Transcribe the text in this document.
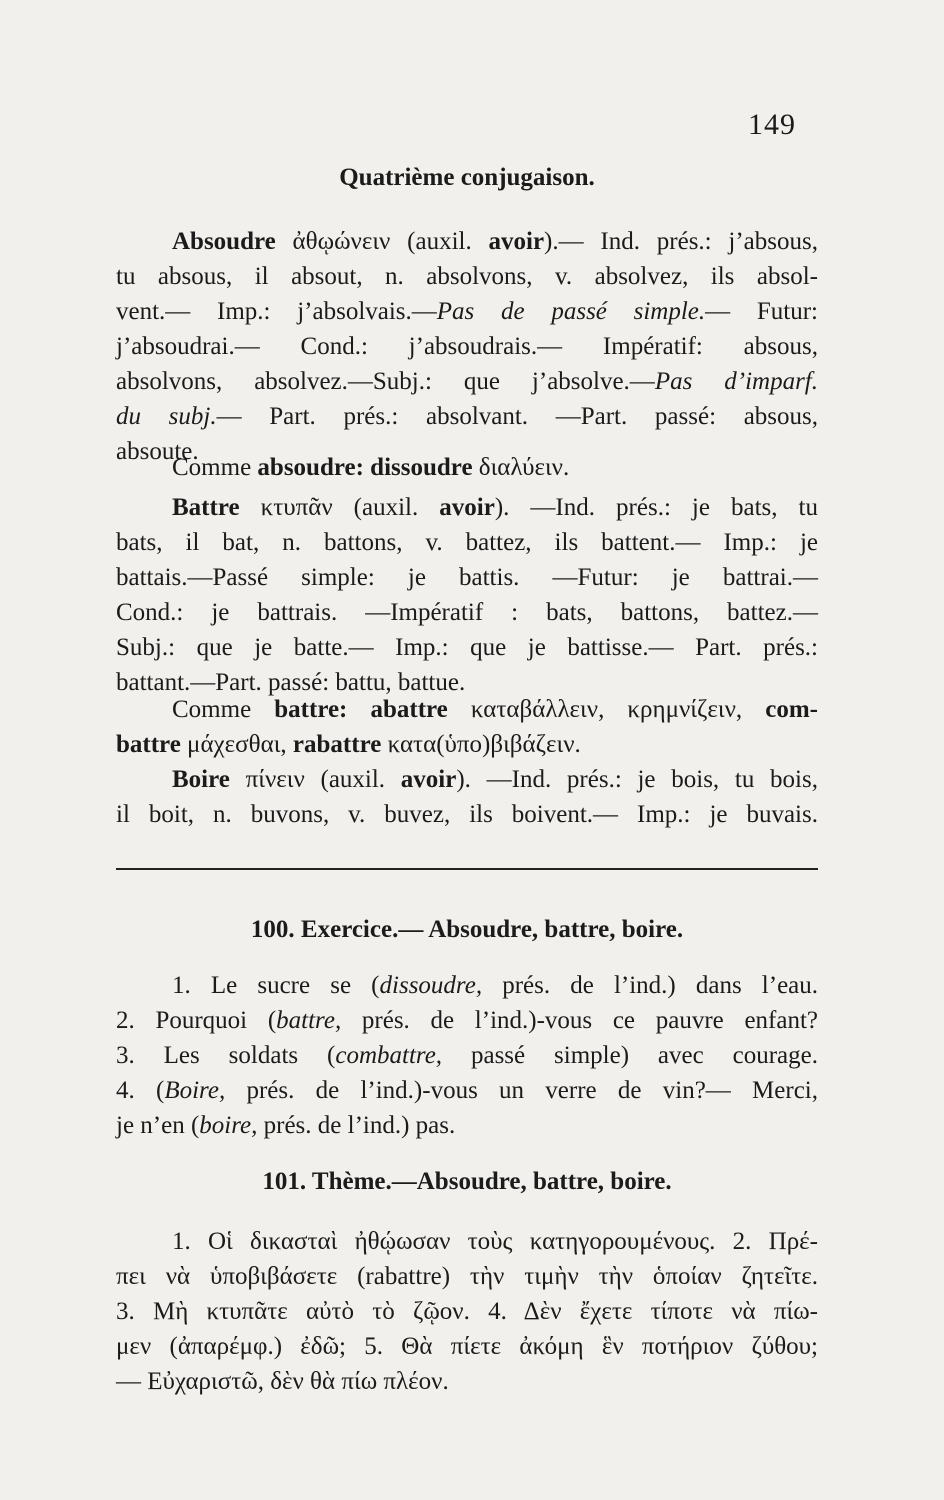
149
Quatrième conjugaison.
Absoudre ἀθῳώνειν (auxil. avoir).— Ind. prés.: j’absous,
tu absous, il absout, n. absolvons, v. absolvez, ils absol-
vent.— Imp.: j’absolvais.—Pas de passé simple.— Futur:
j’absoudrai.— Cond.: j’absoudrais.— Impératif: absous,
absolvons, absolvez.—Subj.: que j’absolve.—Pas d’imparf.
du subj.— Part. prés.: absolvant. —Part. passé: absous,
absoute.
Comme absoudre: dissoudre διαλύειν.
Battre κτυπᾶν (auxil. avoir). —Ind. prés.: je bats, tu
bats, il bat, n. battons, v. battez, ils battent.— Imp.: je
battais.—Passé simple: je battis. —Futur: je battrai.—
Cond.: je battrais. —Impératif : bats, battons, battez.—
Subj.: que je batte.— Imp.: que je battisse.— Part. prés.:
battant.—Part. passé: battu, battue.
Comme battre: abattre καταβάλλειν, κρημνίζειν, com-
battre μάχεσθαι, rabattre κατα(ὑπο)βιβάζειν.
Boire πίνειν (auxil. avoir). —Ind. prés.: je bois, tu bois,
il boit, n. buvons, v. buvez, ils boivent.— Imp.: je buvais.
100. Exercice.— Absoudre, battre, boire.
1. Le sucre se (dissoudre, prés. de l’ind.) dans l’eau.
2. Pourquoi (battre, prés. de l’ind.)-vous ce pauvre enfant?
3. Les soldats (combattre, passé simple) avec courage.
4. (Boire, prés. de l’ind.)-vous un verre de vin?— Merci,
je n’en (boire, prés. de l’ind.) pas.
101. Thème.—Absoudre, battre, boire.
1. Οἱ δικασταὶ ἠθῴωσαν τοὺς κατηγορουμένους. 2. Πρέ-
πει νὰ ὑποβιβάσετε (rabattre) τὴν τιμὴν τὴν ὁποίαν ζητεῖτε.
3. Μὴ κτυπᾶτε αὐτὸ τὸ ζῷον. 4. Δὲν ἔχετε τίποτε νὰ πίω-
μεν (ἀπαρέμφ.) ἐδῶ; 5. Θὰ πίετε ἀκόμη ἓν ποτήριον ζύθου;
— Εὐχαριστῶ, δὲν θὰ πίω πλέον.
